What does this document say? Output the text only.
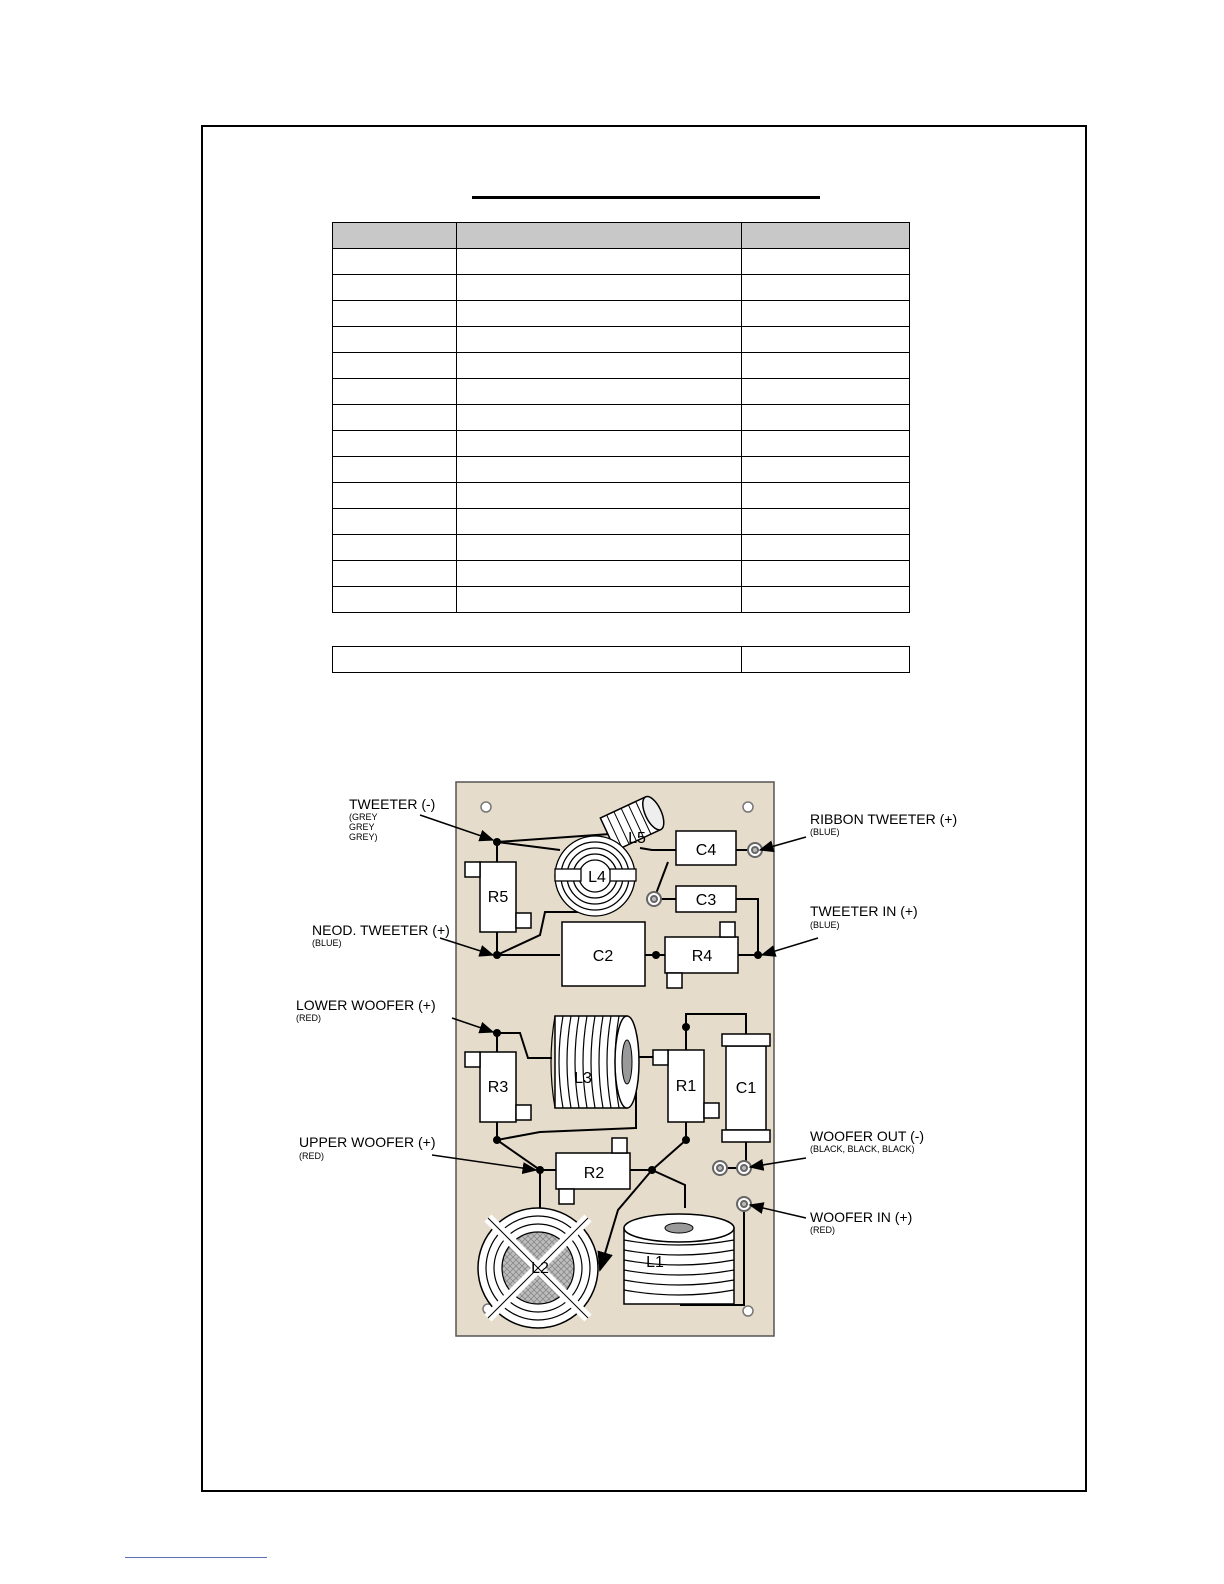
R5
R4
R3	R1
R2
C4
C3
C2
C1
L5
L4
L3
L2	L1
TWEETER (-)
(GREY
GREY
GREY)
RIBBON TWEETER (+)
(BLUE)
NEOD. TWEETER (+)
(BLUE)
TWEETER IN (+)
(BLUE)
LOWER WOOFER (+)
(RED)
UPPER WOOFER (+)
(RED)
WOOFER OUT (-)
(BLACK, BLACK, BLACK)
WOOFER IN (+)
(RED)
